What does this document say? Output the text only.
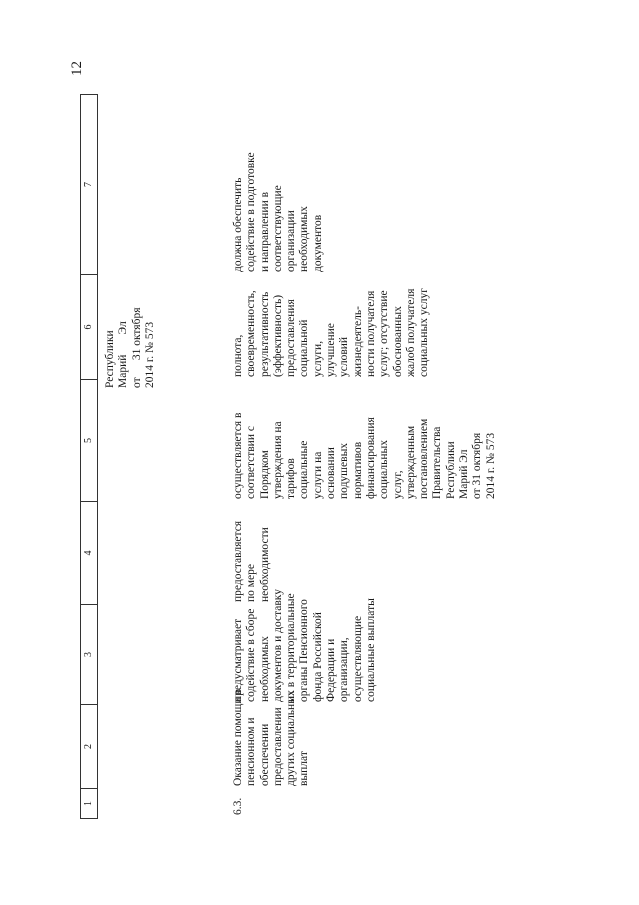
12
1
2
3
4
5
6
7
Республики Марий       Эл от      31 октября 2014 г. № 573
6.3.
Оказание помощи в пенсионном и обеспечении предоставлении других социальных выплат
предусматривает содействие в сборе необходимых документов и доставку их в территориальные органы Пенсионного фонда Российской Федерации и организации, осуществляющие социальные выплаты
предоставляется по мере необходимости
осуществляется в соответствии с Порядком утверждения на тарифов социальные услуги на основании подушевых нормативов финансирования социальных услуг, утвержденным постановлением Правительства Республики Марий Эл от 31 октября 2014 г. № 573
полнота, своевременность, результативность (эффективность) предоставления социальной услуги, улучшение условий жизнедеятель- ности получателя услуг; отсутствие обоснованных жалоб получателя социальных услуг
должна обеспечить содействие в подготовке и направлении в соответствующие организации необходимых документов
